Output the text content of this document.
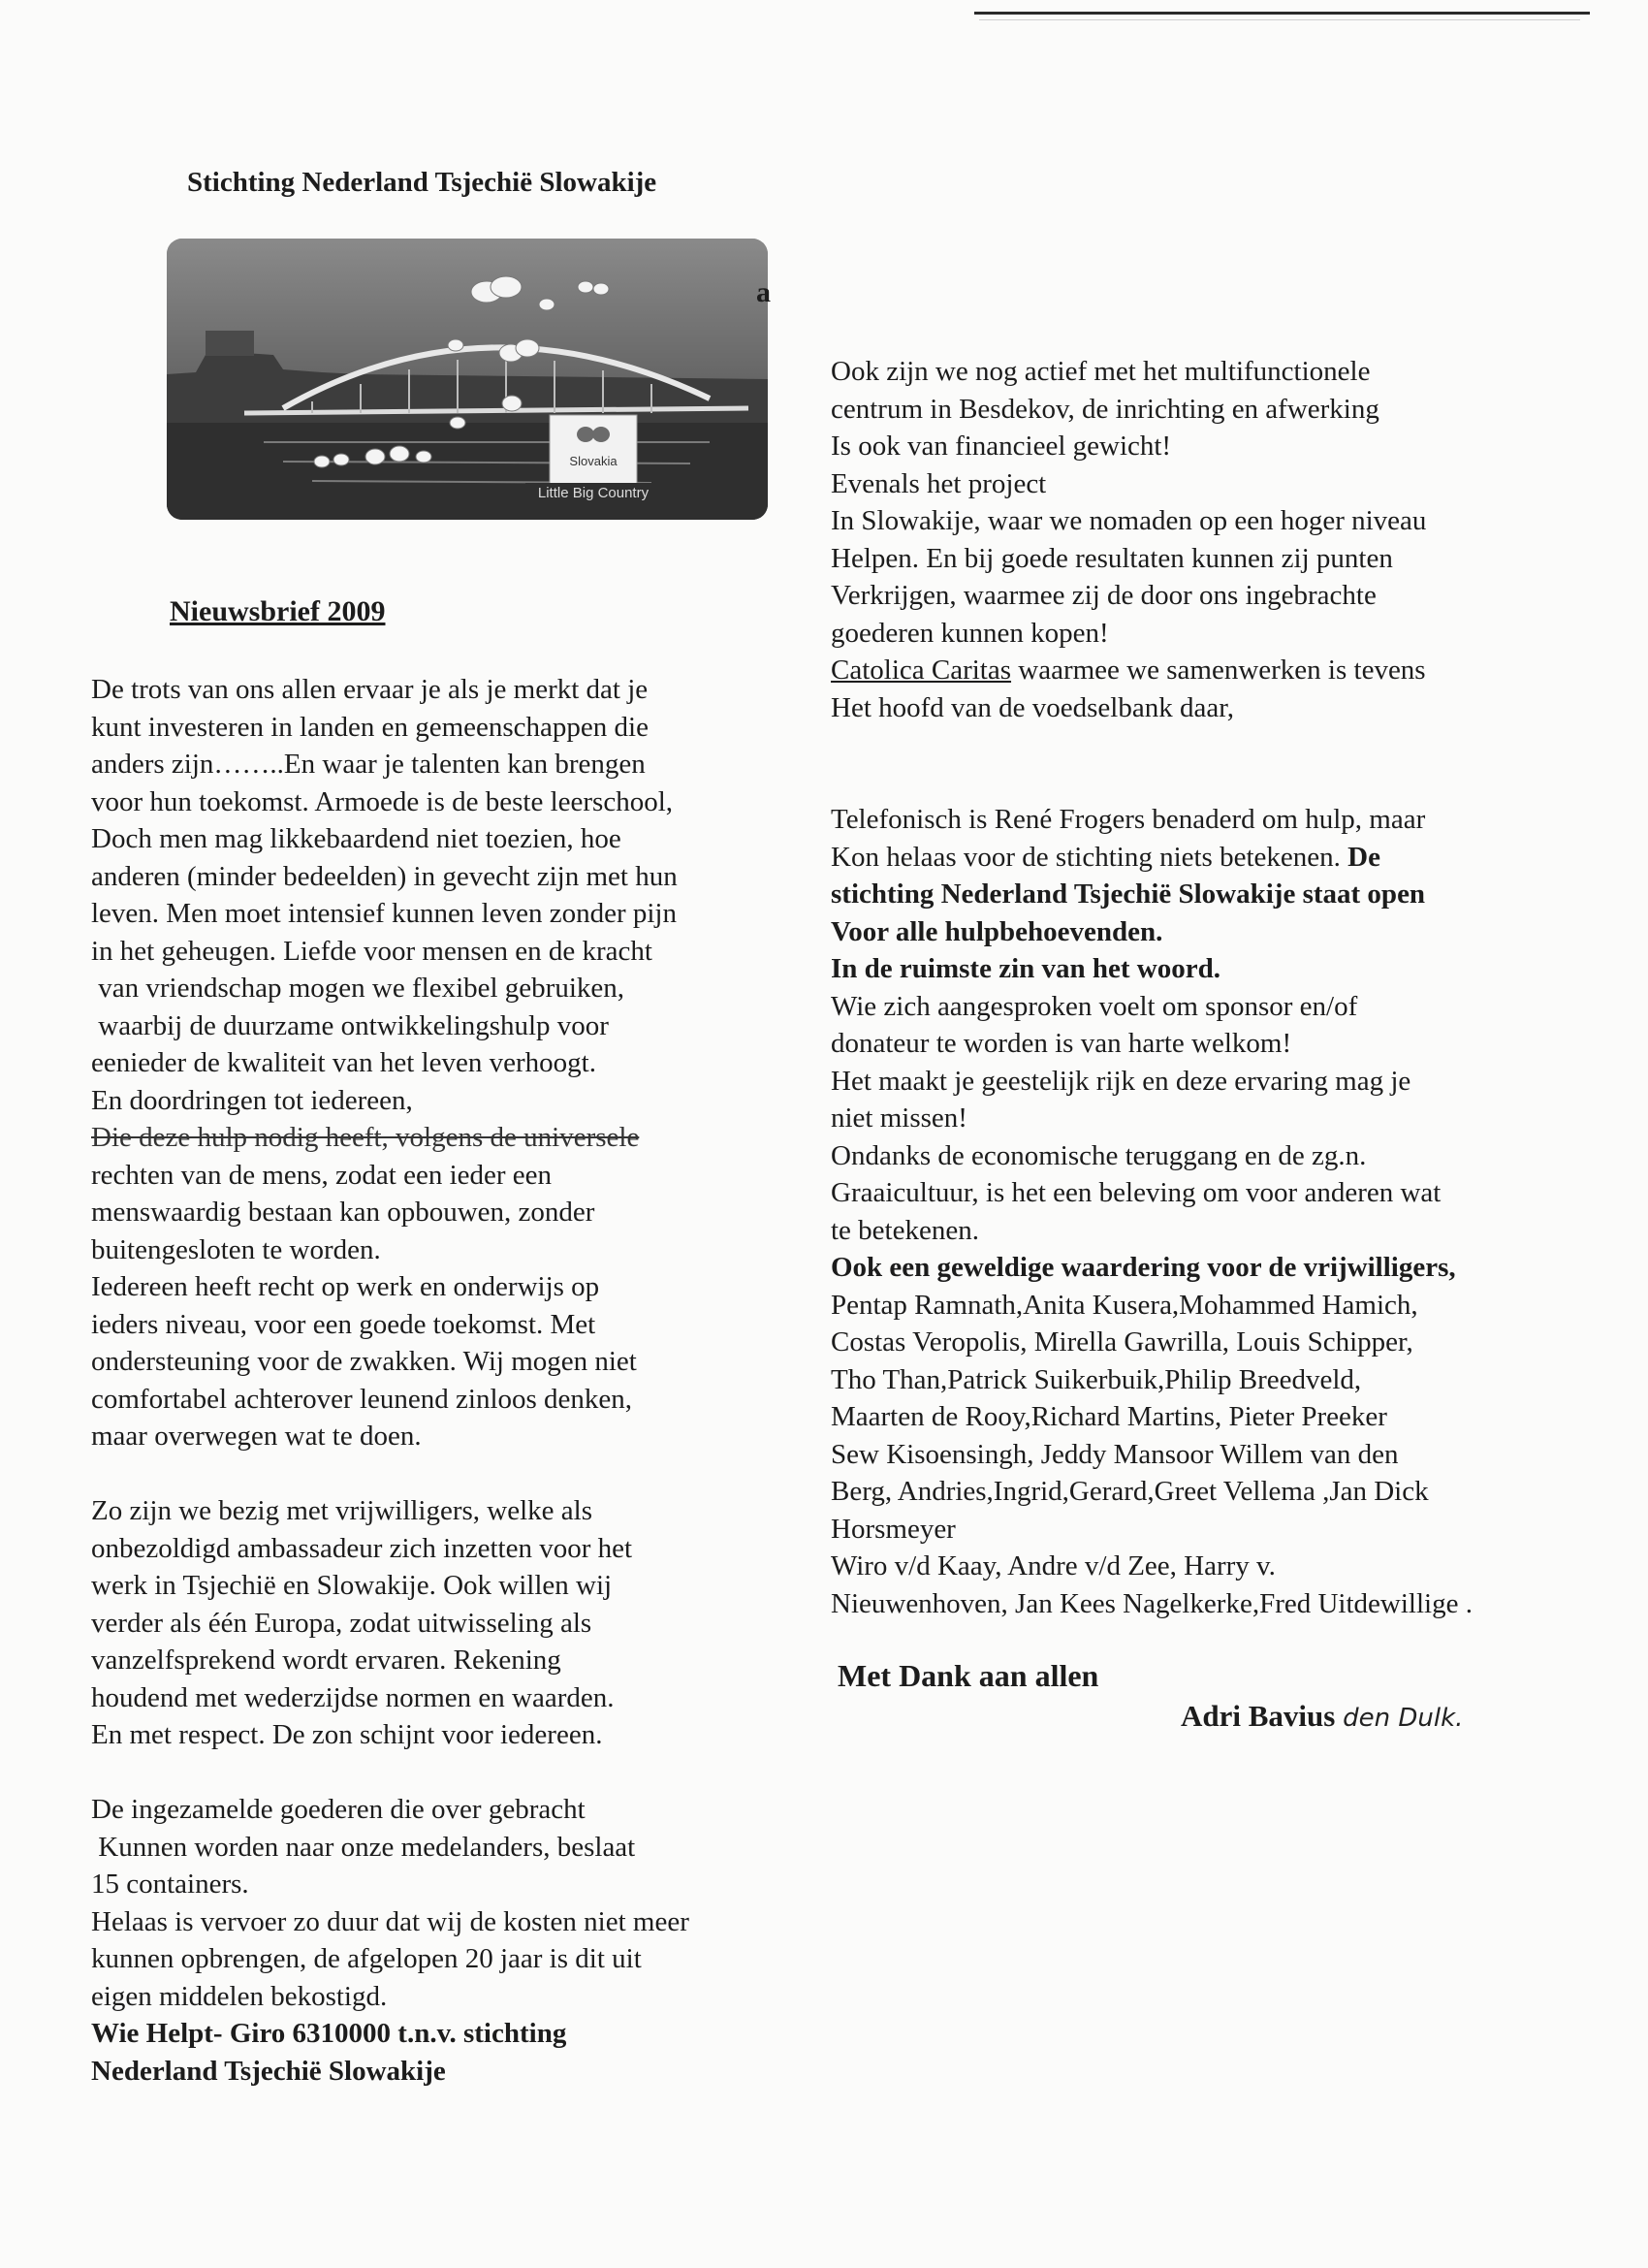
Stichting Nederland Tsjechië Slowakije
Slovakia
Little Big Country
a
Nieuwsbrief 2009
De trots van ons allen ervaar je als je merkt dat je
kunt investeren in landen en gemeenschappen die
anders zijn……..En waar je talenten kan brengen
voor hun toekomst. Armoede is de beste leerschool,
Doch men mag likkebaardend niet toezien, hoe
anderen (minder bedeelden) in gevecht zijn met hun
leven. Men moet intensief kunnen leven zonder pijn
in het geheugen. Liefde voor mensen en de kracht
van vriendschap mogen we flexibel gebruiken,
waarbij de duurzame ontwikkelingshulp voor
eenieder de kwaliteit van het leven verhoogt.
En doordringen tot iedereen,
Die deze hulp nodig heeft, volgens de universele
rechten van de mens, zodat een ieder een
menswaardig bestaan kan opbouwen, zonder
buitengesloten te worden.
Iedereen heeft recht op werk en onderwijs op
ieders niveau, voor een goede toekomst. Met
ondersteuning voor de zwakken. Wij mogen niet
comfortabel achterover leunend zinloos denken,
maar overwegen wat te doen.
Zo zijn we bezig met vrijwilligers, welke als
onbezoldigd ambassadeur zich inzetten voor het
werk in Tsjechië en Slowakije. Ook willen wij
verder als één Europa, zodat uitwisseling als
vanzelfsprekend wordt ervaren. Rekening
houdend met wederzijdse normen en waarden.
En met respect. De zon schijnt voor iedereen.
De ingezamelde goederen die over gebracht
Kunnen worden naar onze medelanders, beslaat
15 containers.
Helaas is vervoer zo duur dat wij de kosten niet meer
kunnen opbrengen, de afgelopen 20 jaar is dit uit
eigen middelen bekostigd.
Wie Helpt- Giro 6310000 t.n.v. stichting
Nederland Tsjechië Slowakije
Ook zijn we nog actief met het multifunctionele
centrum in Besdekov, de inrichting en afwerking
Is ook van financieel gewicht!
Evenals het project
In Slowakije, waar we nomaden op een hoger niveau
Helpen. En bij goede resultaten kunnen zij punten
Verkrijgen, waarmee zij de door ons ingebrachte
goederen kunnen kopen!
Catolica Caritas waarmee we samenwerken is tevens
Het hoofd van de voedselbank daar,
Telefonisch is René Frogers benaderd om hulp, maar
Kon helaas voor de stichting niets betekenen. De
stichting Nederland Tsjechië Slowakije staat open
Voor alle hulpbehoevenden.
In de ruimste zin van het woord.
Wie zich aangesproken voelt om sponsor en/of
donateur te worden is van harte welkom!
Het maakt je geestelijk rijk en deze ervaring mag je
niet missen!
Ondanks de economische teruggang en de zg.n.
Graaicultuur, is het een beleving om voor anderen wat
te betekenen.
Ook een geweldige waardering voor de vrijwilligers,
Pentap Ramnath,Anita Kusera,Mohammed Hamich,
Costas Veropolis, Mirella Gawrilla, Louis Schipper,
Tho Than,Patrick Suikerbuik,Philip Breedveld,
Maarten de Rooy,Richard Martins, Pieter Preeker
Sew Kisoensingh, Jeddy Mansoor Willem van den
Berg, Andries,Ingrid,Gerard,Greet Vellema ,Jan Dick
Horsmeyer
Wiro v/d Kaay, Andre v/d Zee, Harry v.
Nieuwenhoven, Jan Kees Nagelkerke,Fred Uitdewillige .
Met Dank aan allen
Adri Bavius den Dulk.
